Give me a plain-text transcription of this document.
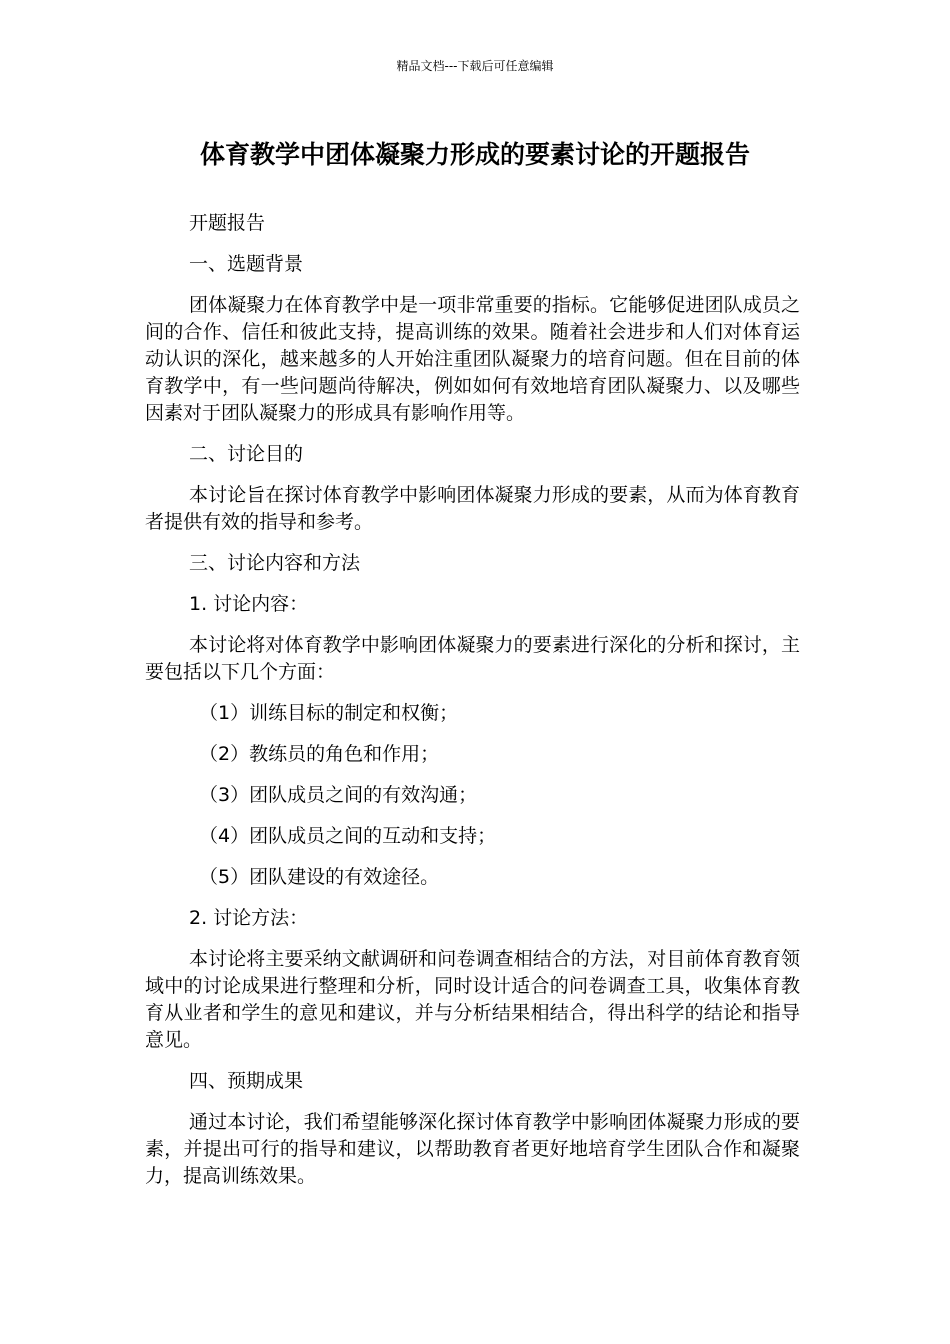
精品文档---下载后可任意编辑
体育教学中团体凝聚力形成的要素讨论的开题报告

开题报告

一、选题背景

团体凝聚力在体育教学中是一项非常重要的指标。它能够促进团队成员之间的合作、信任和彼此支持，提高训练的效果。随着社会进步和人们对体育运动认识的深化，越来越多的人开始注重团队凝聚力的培育问题。但在目前的体育教学中，有一些问题尚待解决，例如如何有效地培育团队凝聚力、以及哪些因素对于团队凝聚力的形成具有影响作用等。

二、讨论目的

本讨论旨在探讨体育教学中影响团体凝聚力形成的要素，从而为体育教育者提供有效的指导和参考。

三、讨论内容和方法

1. 讨论内容：

本讨论将对体育教学中影响团体凝聚力的要素进行深化的分析和探讨，主要包括以下几个方面：

（1）训练目标的制定和权衡；

（2）教练员的角色和作用；

（3）团队成员之间的有效沟通；

（4）团队成员之间的互动和支持；

（5）团队建设的有效途径。

2. 讨论方法：

本讨论将主要采纳文献调研和问卷调查相结合的方法，对目前体育教育领域中的讨论成果进行整理和分析，同时设计适合的问卷调查工具，收集体育教育从业者和学生的意见和建议，并与分析结果相结合，得出科学的结论和指导意见。

四、预期成果

通过本讨论，我们希望能够深化探讨体育教学中影响团体凝聚力形成的要素，并提出可行的指导和建议，以帮助教育者更好地培育学生团队合作和凝聚力，提高训练效果。
